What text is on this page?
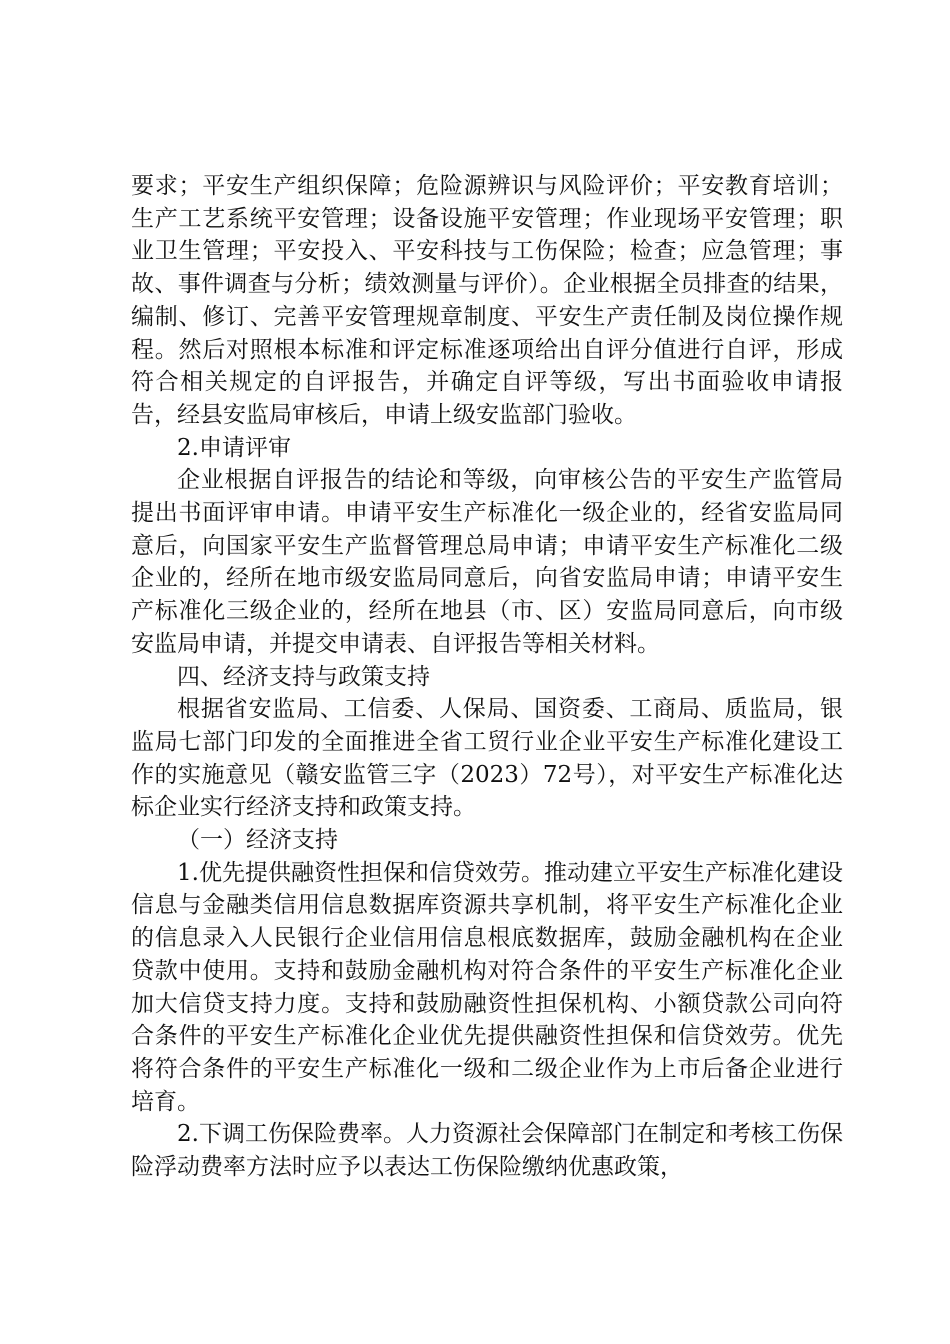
要求；平安生产组织保障；危险源辨识与风险评价；平安教育培训；生产工艺系统平安管理；设备设施平安管理；作业现场平安管理；职业卫生管理；平安投入、平安科技与工伤保险；检查；应急管理；事故、事件调查与分析；绩效测量与评价）。企业根据全员排查的结果，编制、修订、完善平安管理规章制度、平安生产责任制及岗位操作规程。然后对照根本标准和评定标准逐项给出自评分值进行自评，形成符合相关规定的自评报告，并确定自评等级，写出书面验收申请报告，经县安监局审核后，申请上级安监部门验收。

2.申请评审

企业根据自评报告的结论和等级，向审核公告的平安生产监管局提出书面评审申请。申请平安生产标准化一级企业的，经省安监局同意后，向国家平安生产监督管理总局申请；申请平安生产标准化二级企业的，经所在地市级安监局同意后，向省安监局申请；申请平安生产标准化三级企业的，经所在地县（市、区）安监局同意后，向市级安监局申请，并提交申请表、自评报告等相关材料。

四、经济支持与政策支持

根据省安监局、工信委、人保局、国资委、工商局、质监局，银监局七部门印发的全面推进全省工贸行业企业平安生产标准化建设工作的实施意见（赣安监管三字（2023）72号），对平安生产标准化达标企业实行经济支持和政策支持。

（一）经济支持

1.优先提供融资性担保和信贷效劳。推动建立平安生产标准化建设信息与金融类信用信息数据库资源共享机制，将平安生产标准化企业的信息录入人民银行企业信用信息根底数据库，鼓励金融机构在企业贷款中使用。支持和鼓励金融机构对符合条件的平安生产标准化企业加大信贷支持力度。支持和鼓励融资性担保机构、小额贷款公司向符合条件的平安生产标准化企业优先提供融资性担保和信贷效劳。优先将符合条件的平安生产标准化一级和二级企业作为上市后备企业进行培育。

2.下调工伤保险费率。人力资源社会保障部门在制定和考核工伤保险浮动费率方法时应予以表达工伤保险缴纳优惠政策，
